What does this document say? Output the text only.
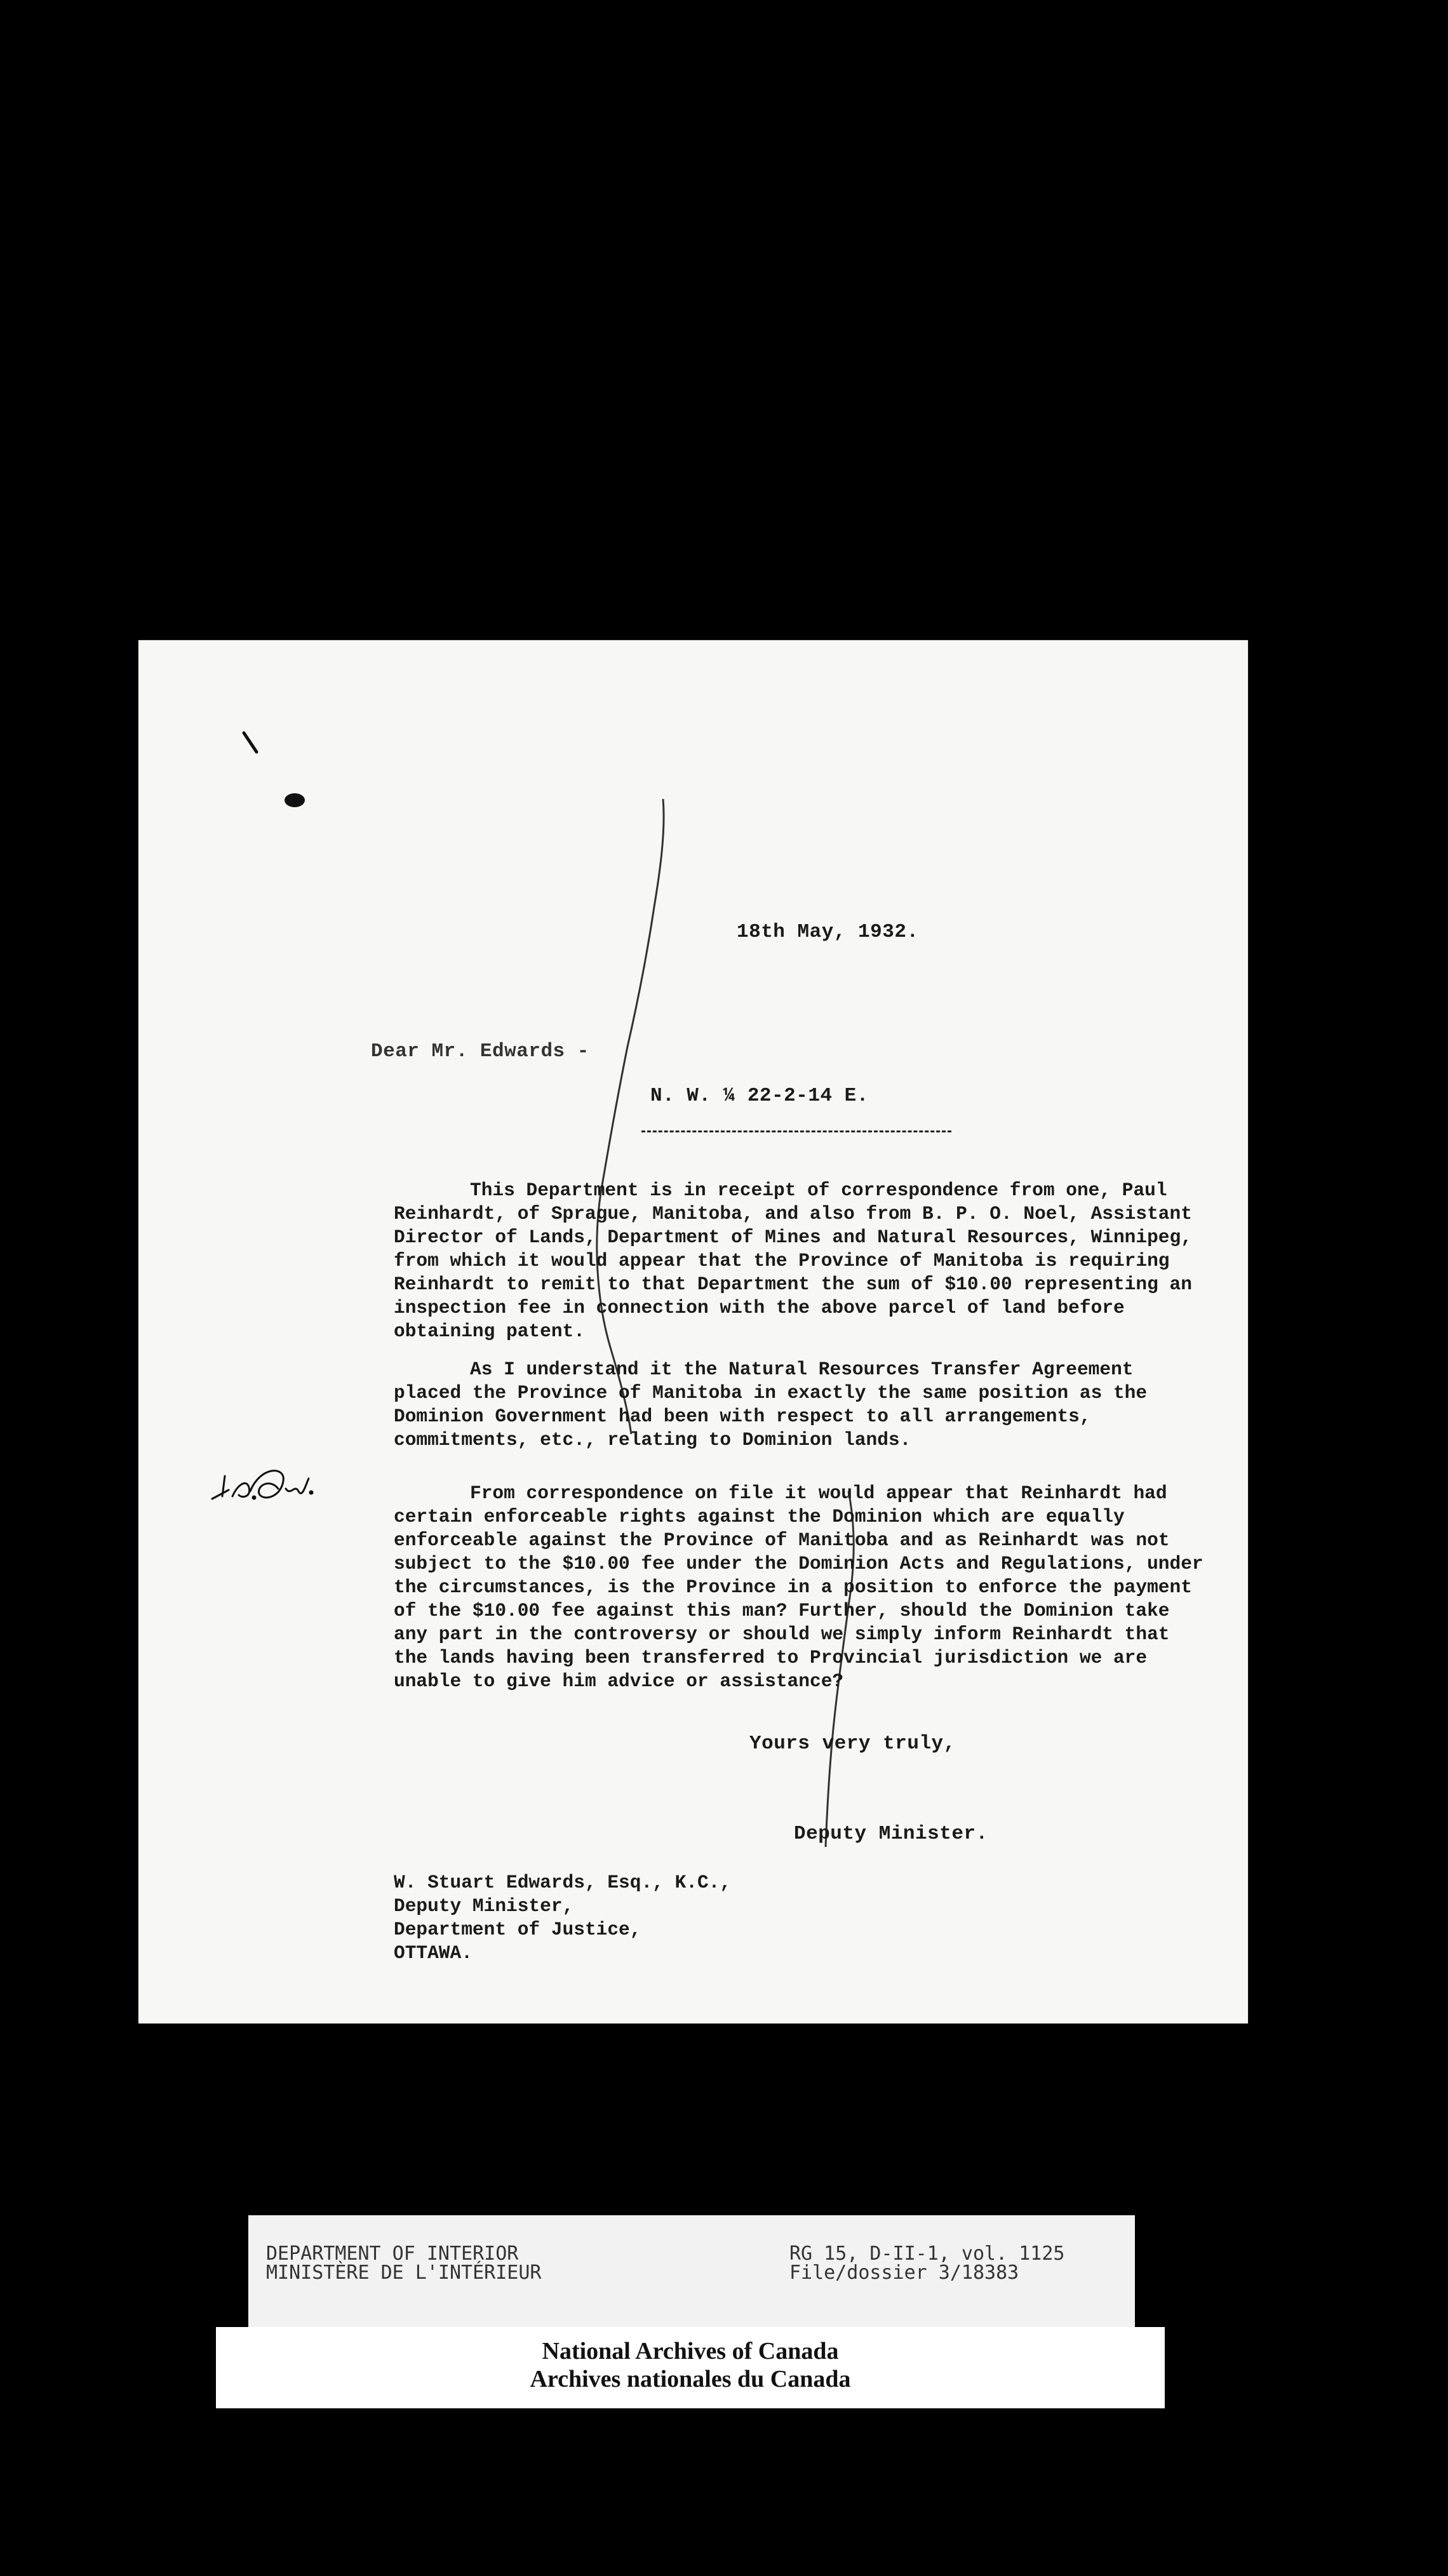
18th May, 1932.
Dear Mr. Edwards -
N. W. ¼ 22-2-14 E.

This Department is in receipt of correspondence from one, Paul Reinhardt, of Sprague, Manitoba, and also from B. P. O. Noel, Assistant Director of Lands, Department of Mines and Natural Resources, Winnipeg, from which it would appear that the Province of Manitoba is requiring Reinhardt to remit to that Department the sum of $10.00 representing an inspection fee in connection with the above parcel of land before obtaining patent.

As I understand it the Natural Resources Transfer Agreement placed the Province of Manitoba in exactly the same position as the Dominion Government had been with respect to all arrangements, commitments, etc., relating to Dominion lands.

From correspondence on file it would appear that Reinhardt had certain enforceable rights against the Dominion which are equally enforceable against the Province of Manitoba and as Reinhardt was not subject to the $10.00 fee under the Dominion Acts and Regulations, under the circumstances, is the Province in a position to enforce the payment of the $10.00 fee against this man? Further, should the Dominion take any part in the controversy or should we simply inform Reinhardt that the lands having been transferred to Provincial jurisdiction we are unable to give him advice or assistance?

Yours very truly,
Deputy Minister.
W. Stuart Edwards, Esq., K.C.,
Deputy Minister,
Department of Justice,
OTTAWA.
DEPARTMENT OF INTERIOR
MINISTÈRE DE L'INTÉRIEUR
RG 15, D-II-1, vol. 1125
File/dossier 3/18383
National Archives of Canada
Archives nationales du Canada
